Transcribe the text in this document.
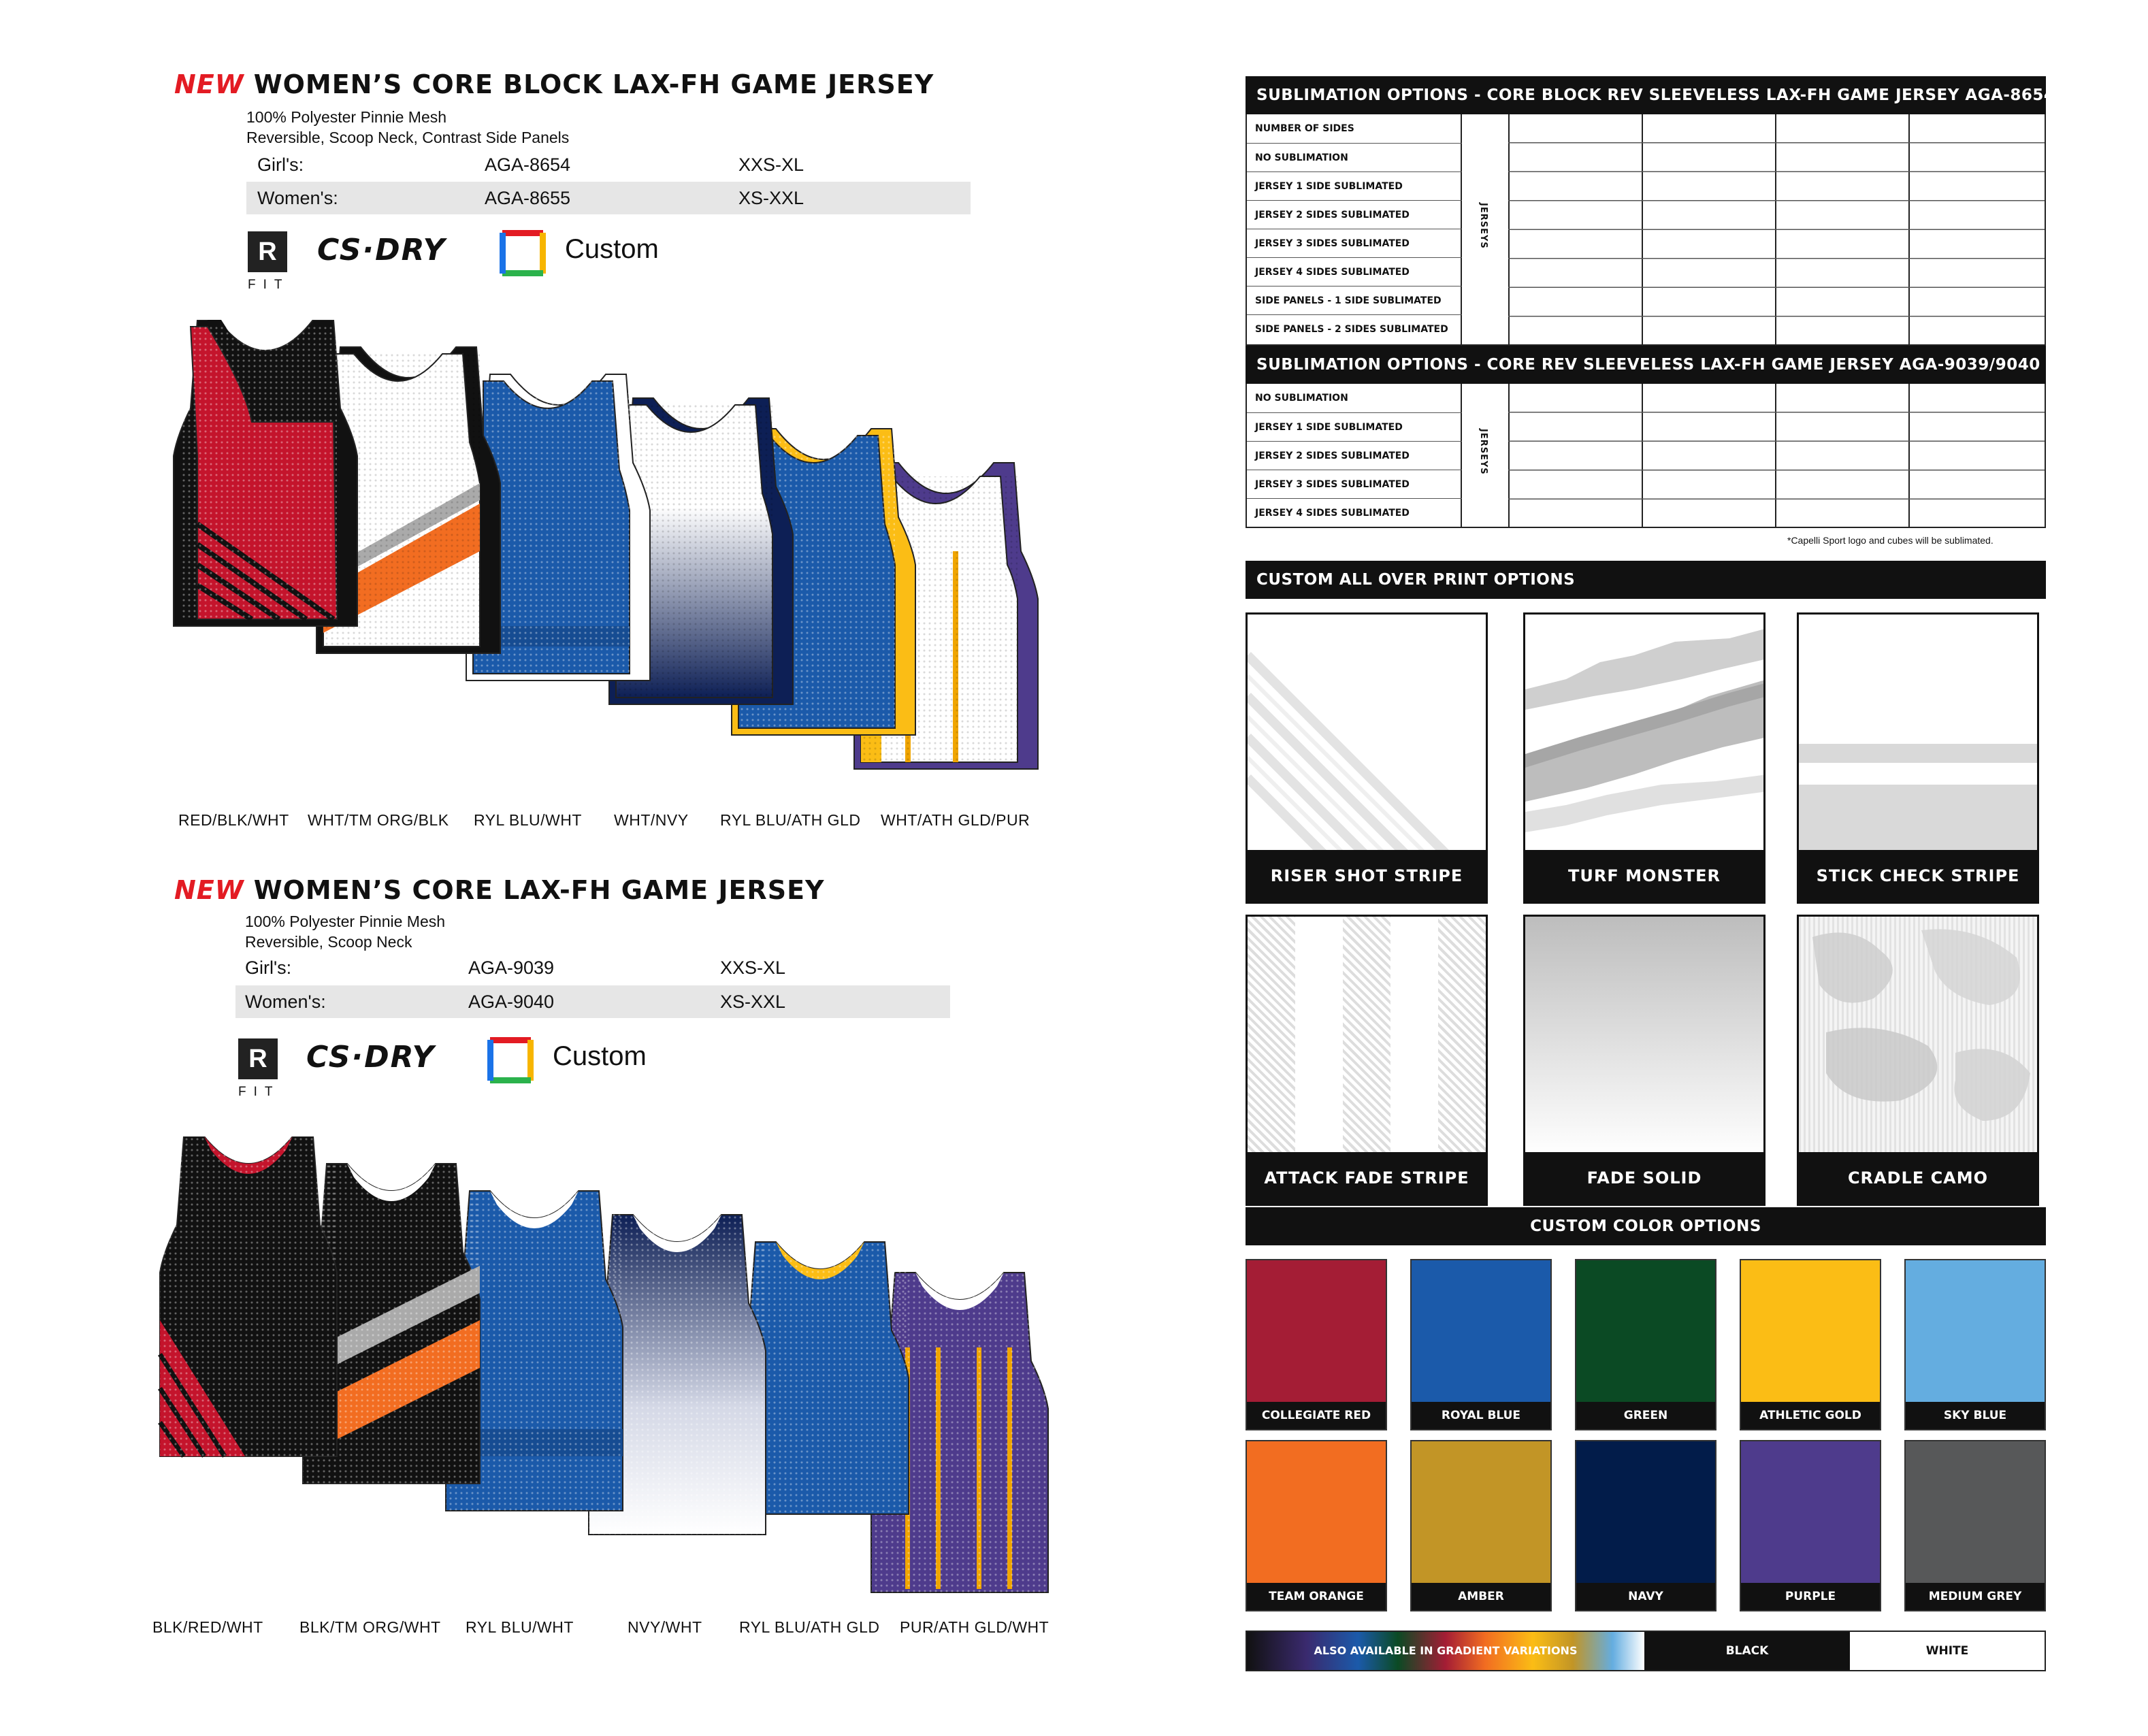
NEW WOMEN’S CORE BLOCK LAX-FH GAME JERSEY
100% Polyester Pinnie Mesh
Reversible, Scoop Neck, Contrast Side Panels
Girl's:	AGA-8654	XXS-XL
Women's:	AGA-8655	XS-XXL
R
FIT
CS·DRY	Custom
RED/BLK/WHT WHT/TM ORG/BLK RYL BLU/WHT WHT/NVY RYL BLU/ATH GLD WHT/ATH GLD/PUR
NEW WOMEN’S CORE LAX-FH GAME JERSEY
100% Polyester Pinnie Mesh
Reversible, Scoop Neck
Girl's:	AGA-9039	XXS-XL
Women's:	AGA-9040	XS-XXL
R
FIT
CS·DRY	Custom
BLK/RED/WHT BLK/TM ORG/WHT RYL BLU/WHT	NVY/WHT RYL BLU/ATH GLD PUR/ATH GLD/WHT
SUBLIMATION OPTIONS - CORE BLOCK REV SLEEVELESS LAX-FH GAME JERSEY AGA-8654/8655
JERSEYS
NUMBER OF SIDES
NO SUBLIMATION
JERSEY 1 SIDE SUBLIMATED
JERSEY 2 SIDES SUBLIMATED
JERSEY 3 SIDES SUBLIMATED
JERSEY 4 SIDES SUBLIMATED
SIDE PANELS - 1 SIDE SUBLIMATED
SIDE PANELS - 2 SIDES SUBLIMATED
SUBLIMATION OPTIONS - CORE REV SLEEVELESS LAX-FH GAME JERSEY AGA-9039/9040
JERSEYS
NO SUBLIMATION
JERSEY 1 SIDE SUBLIMATED
JERSEY 2 SIDES SUBLIMATED
JERSEY 3 SIDES SUBLIMATED
JERSEY 4 SIDES SUBLIMATED
*Capelli Sport logo and cubes will be sublimated.
CUSTOM ALL OVER PRINT OPTIONS
RISER SHOT STRIPE	TURF MONSTER	STICK CHECK STRIPE
ATTACK FADE STRIPE	FADE SOLID	CRADLE CAMO
CUSTOM COLOR OPTIONS
COLLEGIATE RED	ROYAL BLUE	GREEN	ATHLETIC GOLD	SKY BLUE
TEAM ORANGE	AMBER	NAVY	PURPLE	MEDIUM GREY
ALSO AVAILABLE IN GRADIENT VARIATIONS	BLACK	WHITE
